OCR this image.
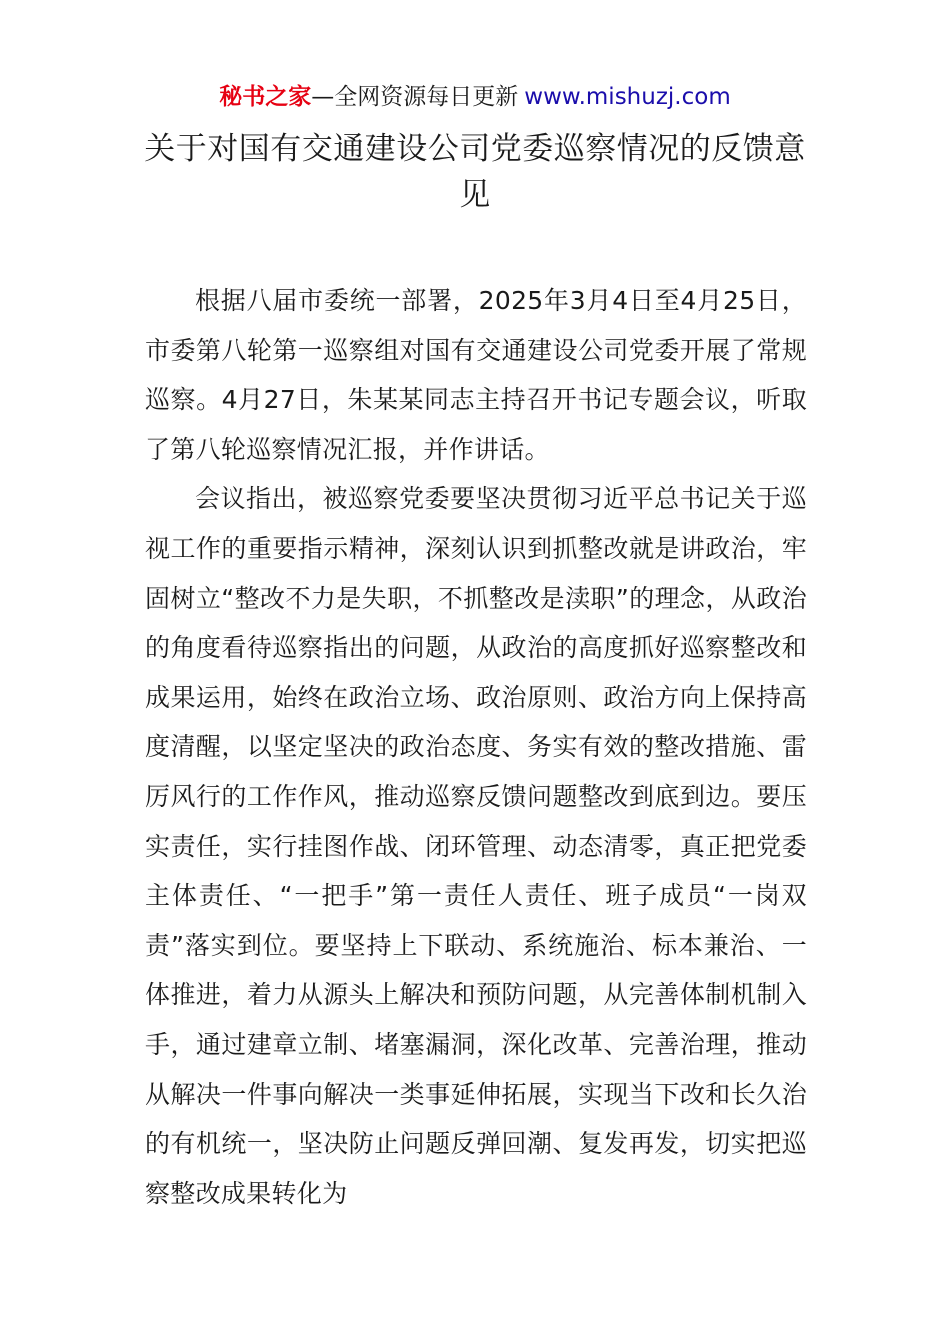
秘书之家—全网资源每日更新 www.mishuzj.com
关于对国有交通建设公司党委巡察情况的反馈意见

根据八届市委统一部署，2025年3月4日至4月25日，市委第八轮第一巡察组对国有交通建设公司党委开展了常规巡察。4月27日，朱某某同志主持召开书记专题会议，听取了第八轮巡察情况汇报，并作讲话。

会议指出，被巡察党委要坚决贯彻习近平总书记关于巡视工作的重要指示精神，深刻认识到抓整改就是讲政治，牢固树立“整改不力是失职，不抓整改是渎职”的理念，从政治的角度看待巡察指出的问题，从政治的高度抓好巡察整改和成果运用，始终在政治立场、政治原则、政治方向上保持高度清醒，以坚定坚决的政治态度、务实有效的整改措施、雷厉风行的工作作风，推动巡察反馈问题整改到底到边。要压实责任，实行挂图作战、闭环管理、动态清零，真正把党委主体责任、“一把手”第一责任人责任、班子成员“一岗双责”落实到位。要坚持上下联动、系统施治、标本兼治、一体推进，着力从源头上解决和预防问题，从完善体制机制入手，通过建章立制、堵塞漏洞，深化改革、完善治理，推动从解决一件事向解决一类事延伸拓展，实现当下改和长久治的有机统一，坚决防止问题反弹回潮、复发再发，切实把巡察整改成果转化为
